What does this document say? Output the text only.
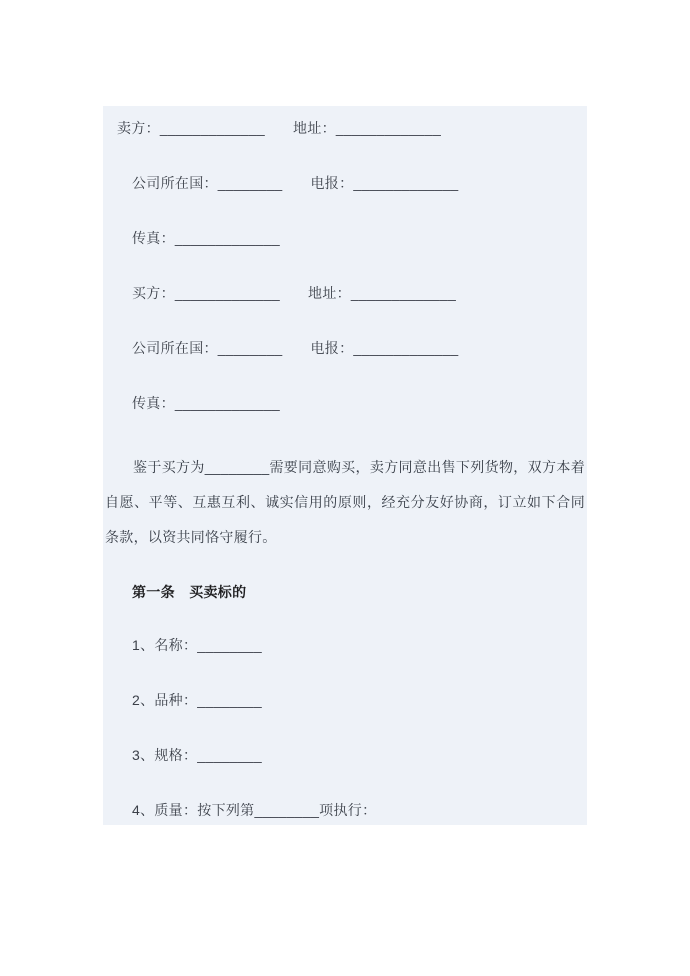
卖方：_____________ 地址：_____________
公司所在国：________ 电报：_____________
传真：_____________
买方：_____________ 地址：_____________
公司所在国：________ 电报：_____________
传真：_____________

鉴于买方为________需要同意购买，卖方同意出售下列货物，双方本着自愿、平等、互惠互利、诚实信用的原则，经充分友好协商，订立如下合同条款，以资共同恪守履行。

第一条　买卖标的
1、名称：________
2、品种：________
3、规格：________
4、质量：按下列第________项执行：
